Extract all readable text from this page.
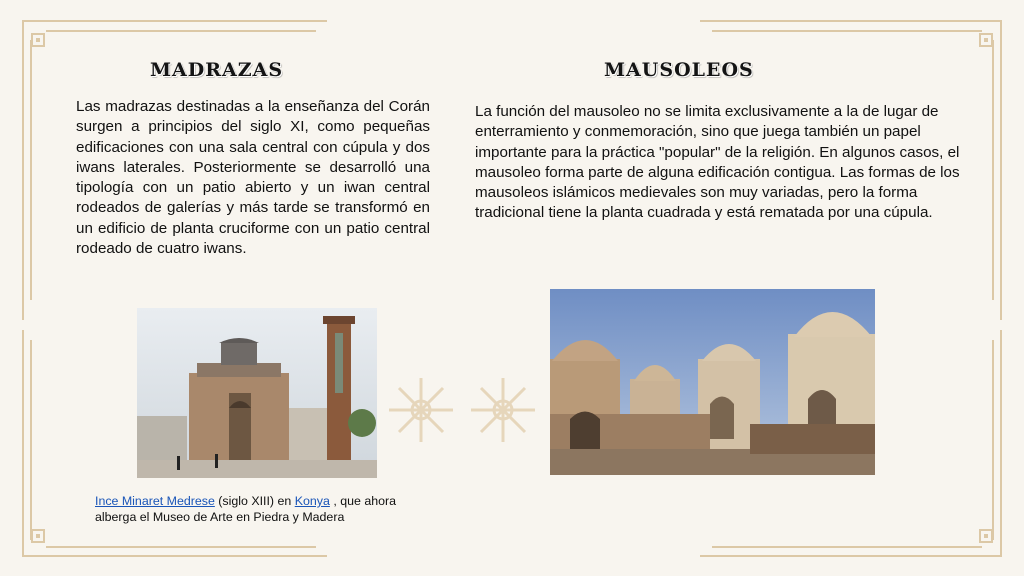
madrazas	mausoleos

Las madrazas destinadas a la enseñanza del Corán surgen a principios del siglo XI, como pequeñas edificaciones con una sala central con cúpula y dos iwans laterales. Posteriormente se desarrolló una tipología con un patio abierto y un iwan central rodeados de galerías y más tarde se transformó en un edificio de planta cruciforme con un patio central rodeado de cuatro iwans.

La función del mausoleo no se limita exclusivamente a la de lugar de enterramiento y conmemoración, sino que juega también un papel importante para la práctica "popular" de la religión. En algunos casos, el mausoleo forma parte de alguna edificación contigua. Las formas de los mausoleos islámicos medievales son muy variadas, pero la forma tradicional tiene la planta cuadrada y está rematada por una cúpula.

Ince Minaret Medrese (siglo XIII) en Konya , que ahora alberga el Museo de Arte en Piedra y Madera
